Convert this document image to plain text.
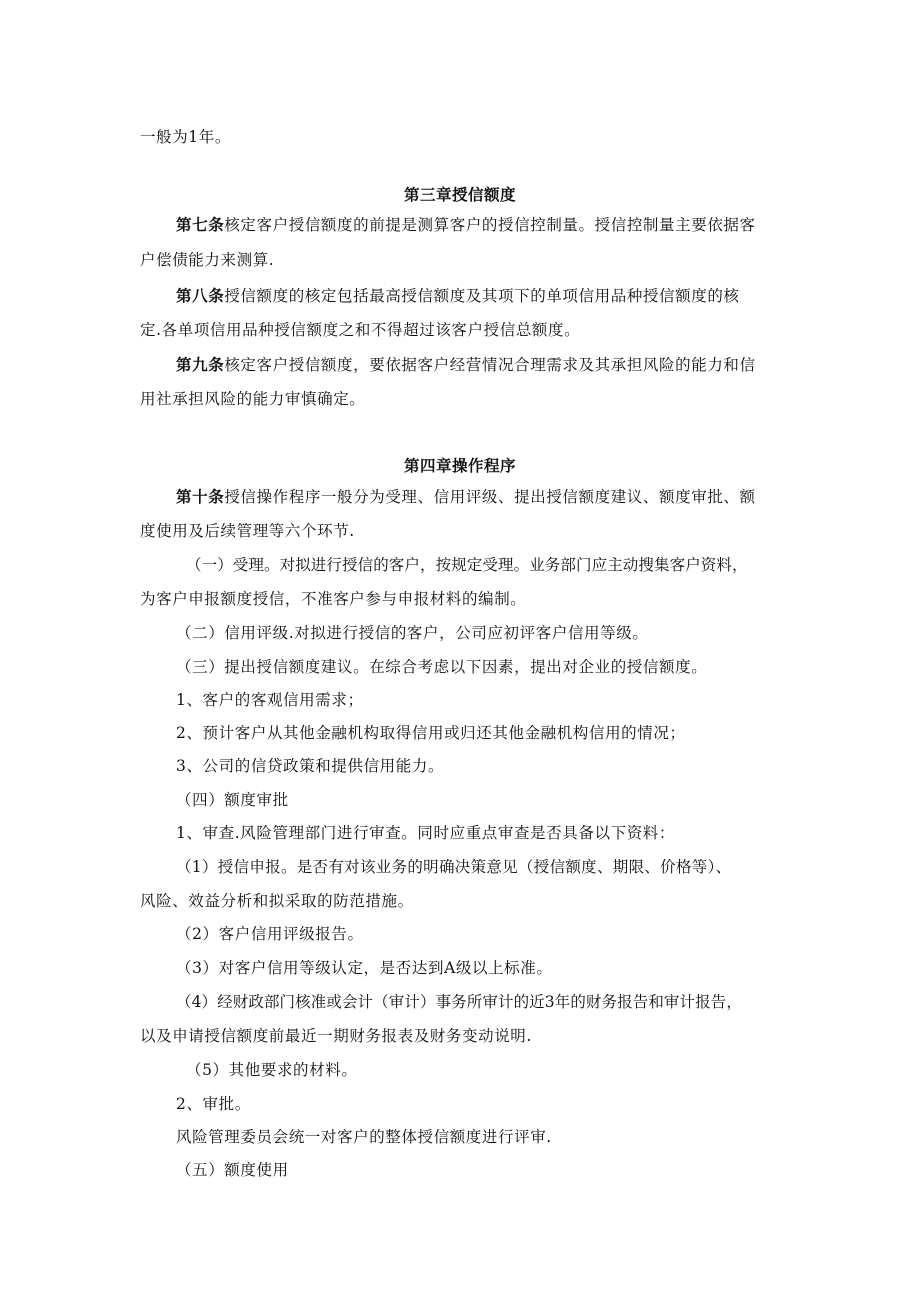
一般为1年。
第三章授信额度
第七条核定客户授信额度的前提是测算客户的授信控制量。授信控制量主要依据客
户偿债能力来测算.
第八条授信额度的核定包括最高授信额度及其项下的单项信用品种授信额度的核
定.各单项信用品种授信额度之和不得超过该客户授信总额度。
第九条核定客户授信额度，要依据客户经营情况合理需求及其承担风险的能力和信
用社承担风险的能力审慎确定。
第四章操作程序
第十条授信操作程序一般分为受理、信用评级、提出授信额度建议、额度审批、额
度使用及后续管理等六个环节.
（一）受理。对拟进行授信的客户，按规定受理。业务部门应主动搜集客户资料，
为客户申报额度授信，不准客户参与申报材料的编制。
（二）信用评级.对拟进行授信的客户，公司应初评客户信用等级。
（三）提出授信额度建议。在综合考虑以下因素，提出对企业的授信额度。
1、客户的客观信用需求；
2、预计客户从其他金融机构取得信用或归还其他金融机构信用的情况；
3、公司的信贷政策和提供信用能力。
（四）额度审批
1、审查.风险管理部门进行审查。同时应重点审查是否具备以下资料：
（1）授信申报。是否有对该业务的明确决策意见（授信额度、期限、价格等）、
风险、效益分析和拟采取的防范措施。
（2）客户信用评级报告。
（3）对客户信用等级认定，是否达到A级以上标准。
（4）经财政部门核准或会计（审计）事务所审计的近3年的财务报告和审计报告，
以及申请授信额度前最近一期财务报表及财务变动说明.
（5）其他要求的材料。
2、审批。
风险管理委员会统一对客户的整体授信额度进行评审.
（五）额度使用
